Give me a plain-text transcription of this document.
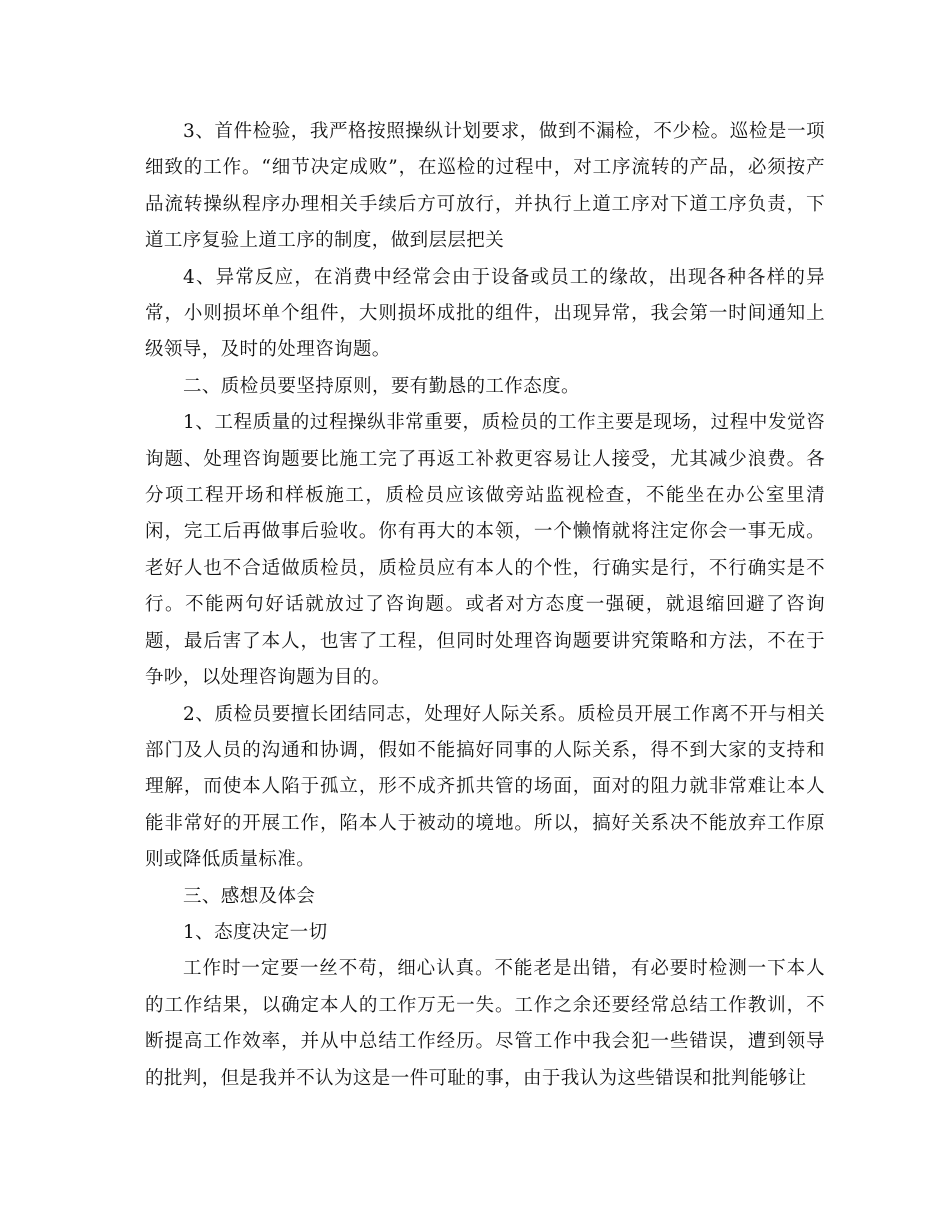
3、首件检验，我严格按照操纵计划要求，做到不漏检，不少检。巡检是一项细致的工作。“细节决定成败”，在巡检的过程中，对工序流转的产品，必须按产品流转操纵程序办理相关手续后方可放行，并执行上道工序对下道工序负责，下道工序复验上道工序的制度，做到层层把关

4、异常反应，在消费中经常会由于设备或员工的缘故，出现各种各样的异常，小则损坏单个组件，大则损坏成批的组件，出现异常，我会第一时间通知上级领导，及时的处理咨询题。

二、质检员要坚持原则，要有勤恳的工作态度。

1、工程质量的过程操纵非常重要，质检员的工作主要是现场，过程中发觉咨询题、处理咨询题要比施工完了再返工补救更容易让人接受，尤其减少浪费。各分项工程开场和样板施工，质检员应该做旁站监视检查，不能坐在办公室里清闲，完工后再做事后验收。你有再大的本领，一个懒惰就将注定你会一事无成。老好人也不合适做质检员，质检员应有本人的个性，行确实是行，不行确实是不行。不能两句好话就放过了咨询题。或者对方态度一强硬，就退缩回避了咨询题，最后害了本人，也害了工程，但同时处理咨询题要讲究策略和方法，不在于争吵，以处理咨询题为目的。

2、质检员要擅长团结同志，处理好人际关系。质检员开展工作离不开与相关部门及人员的沟通和协调，假如不能搞好同事的人际关系，得不到大家的支持和理解，而使本人陷于孤立，形不成齐抓共管的场面，面对的阻力就非常难让本人能非常好的开展工作，陷本人于被动的境地。所以，搞好关系决不能放弃工作原则或降低质量标准。

三、感想及体会

1、态度决定一切

工作时一定要一丝不苟，细心认真。不能老是出错，有必要时检测一下本人的工作结果，以确定本人的工作万无一失。工作之余还要经常总结工作教训，不断提高工作效率，并从中总结工作经历。尽管工作中我会犯一些错误，遭到领导的批判，但是我并不认为这是一件可耻的事，由于我认为这些错误和批判能够让
